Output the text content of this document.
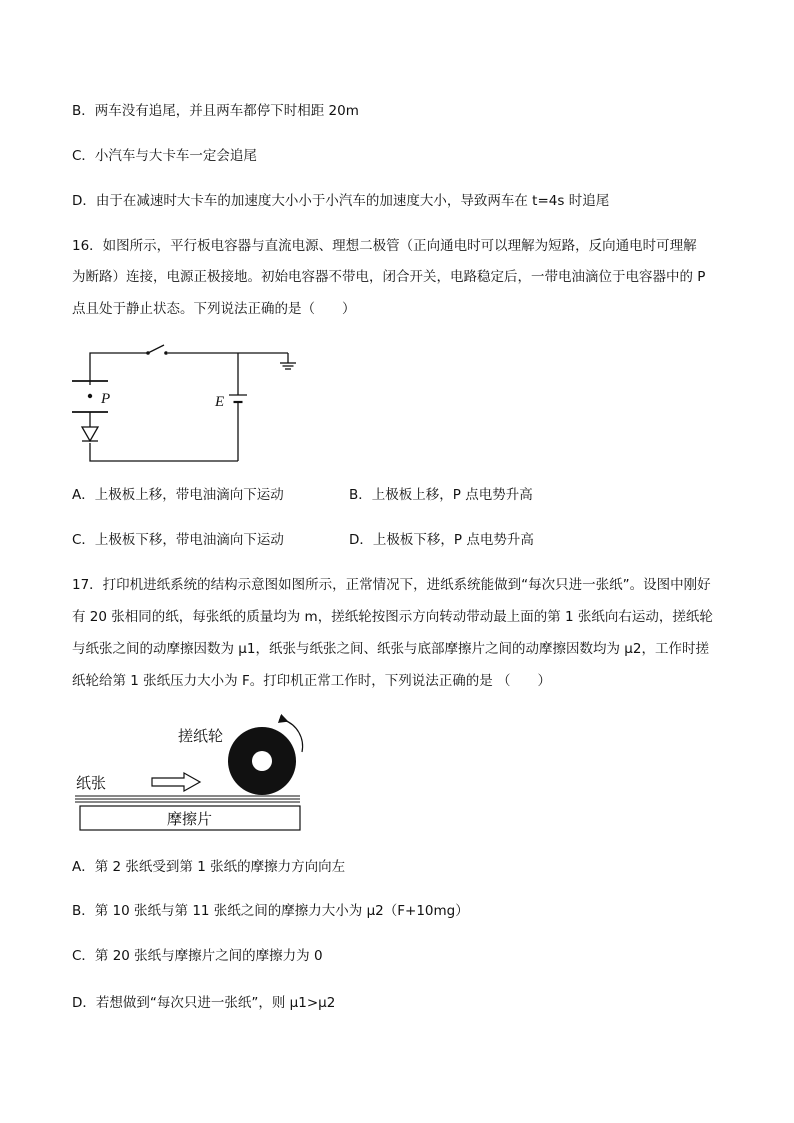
B．两车没有追尾，并且两车都停下时相距 20m
C．小汽车与大卡车一定会追尾
D．由于在减速时大卡车的加速度大小小于小汽车的加速度大小，导致两车在 t=4s 时追尾
16．如图所示，平行板电容器与直流电源、理想二极管（正向通电时可以理解为短路，反向通电时可理解
为断路）连接，电源正极接地。初始电容器不带电，闭合开关，电路稳定后，一带电油滴位于电容器中的 P
点且处于静止状态。下列说法正确的是（　　）
P	E
A．上极板上移，带电油滴向下运动	B．上极板上移，P 点电势升高
C．上极板下移，带电油滴向下运动	D．上极板下移，P 点电势升高
17．打印机进纸系统的结构示意图如图所示，正常情况下，进纸系统能做到“每次只进一张纸”。设图中刚好
有 20 张相同的纸，每张纸的质量均为 m，搓纸轮按图示方向转动带动最上面的第 1 张纸向右运动，搓纸轮
与纸张之间的动摩擦因数为 μ1，纸张与纸张之间、纸张与底部摩擦片之间的动摩擦因数均为 μ2，工作时搓
纸轮给第 1 张纸压力大小为 F。打印机正常工作时，下列说法正确的是 （　　）
搓纸轮
纸张
摩擦片
A．第 2 张纸受到第 1 张纸的摩擦力方向向左
B．第 10 张纸与第 11 张纸之间的摩擦力大小为 μ2（F+10mg）
C．第 20 张纸与摩擦片之间的摩擦力为 0
D．若想做到“每次只进一张纸”，则 μ1>μ2
